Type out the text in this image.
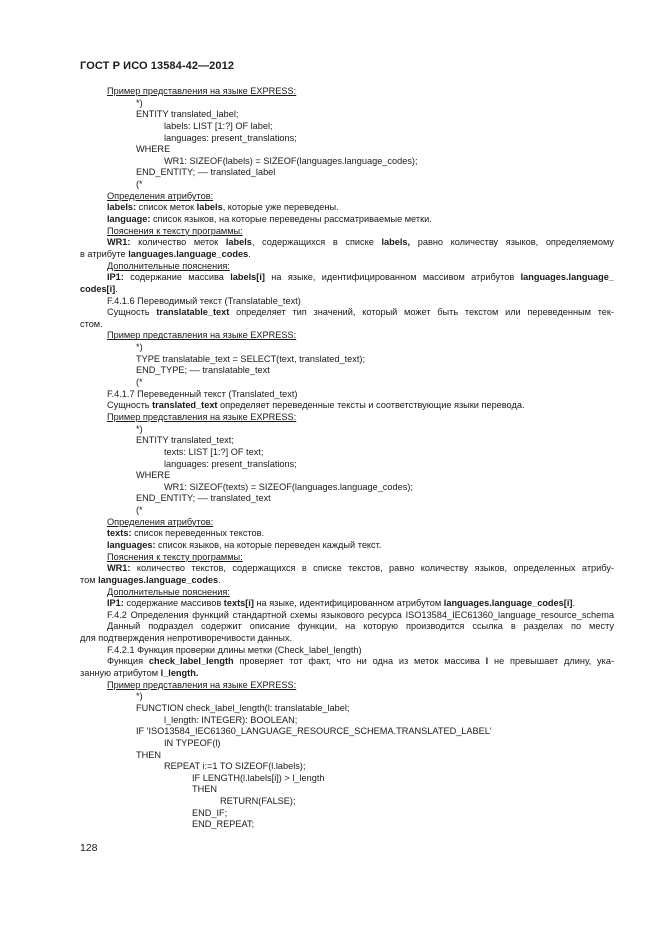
ГОСТ Р ИСО 13584-42—2012
Пример представления на языке EXPRESS:
*)
ENTITY translated_label;
labels: LIST [1:?] OF label;
languages: present_translations;
WHERE
WR1: SIZEOF(labels) = SIZEOF(languages.language_codes);
END_ENTITY; –– translated_label
(*
Определения атрибутов:
labels: список меток labels, которые уже переведены.
language: список языков, на которые переведены рассматриваемые метки.
Пояснения к тексту программы:
WR1: количество меток labels, содержащихся в списке labels, равно количеству языков, определяемому
в атрибуте languages.language_codes.
Дополнительные пояснения:
IP1: содержание массива labels[i] на языке, идентифицированном массивом атрибутов languages.language_
codes[i].
F.4.1.6 Переводимый текст (Translatable_text)
Сущность translatable_text определяет тип значений, который может быть текстом или переведенным тек-
стом.
Пример представления на языке EXPRESS:
*)
TYPE translatable_text = SELECT(text, translated_text);
END_TYPE; –– translatable_text
(*
F.4.1.7 Переведенный текст (Translated_text)
Сущность translated_text определяет переведенные тексты и соответствующие языки перевода.
Пример представления на языке EXPRESS:
*)
ENTITY translated_text;
texts: LIST [1:?] OF text;
languages: present_translations;
WHERE
WR1: SIZEOF(texts) = SIZEOF(languages.language_codes);
END_ENTITY; –– translated_text
(*
Определения атрибутов:
texts: список переведенных текстов.
languages: список языков, на которые переведен каждый текст.
Пояснения к тексту программы:
WR1: количество текстов, содержащихся в списке текстов, равно количеству языков, определенных атрибу-
том languages.language_codes.
Дополнительные пояснения:
IP1: содержание массивов texts[i] на языке, идентифицированном атрибутом languages.language_codes[i].
F.4.2 Определения функций стандартной схемы языкового ресурса ISO13584_IEC61360_language_resource_schema
Данный подраздел содержит описание функции, на которую производится ссылка в разделах по месту
для подтверждения непротиворечивости данных.
F.4.2.1 Функция проверки длины метки (Check_label_length)
Функция check_label_length проверяет тот факт, что ни одна из меток массива l не превышает длину, ука-
занную атрибутом l_length.
Пример представления на языке EXPRESS:
*)
FUNCTION check_label_length(l: translatable_label;
l_length: INTEGER): BOOLEAN;
IF 'ISO13584_IEC61360_LANGUAGE_RESOURCE_SCHEMA.TRANSLATED_LABEL'
IN TYPEOF(l)
THEN
REPEAT i:=1 TO SIZEOF(l.labels);
IF LENGTH(l.labels[i]) > l_length
THEN
RETURN(FALSE);
END_IF;
END_REPEAT;
128
